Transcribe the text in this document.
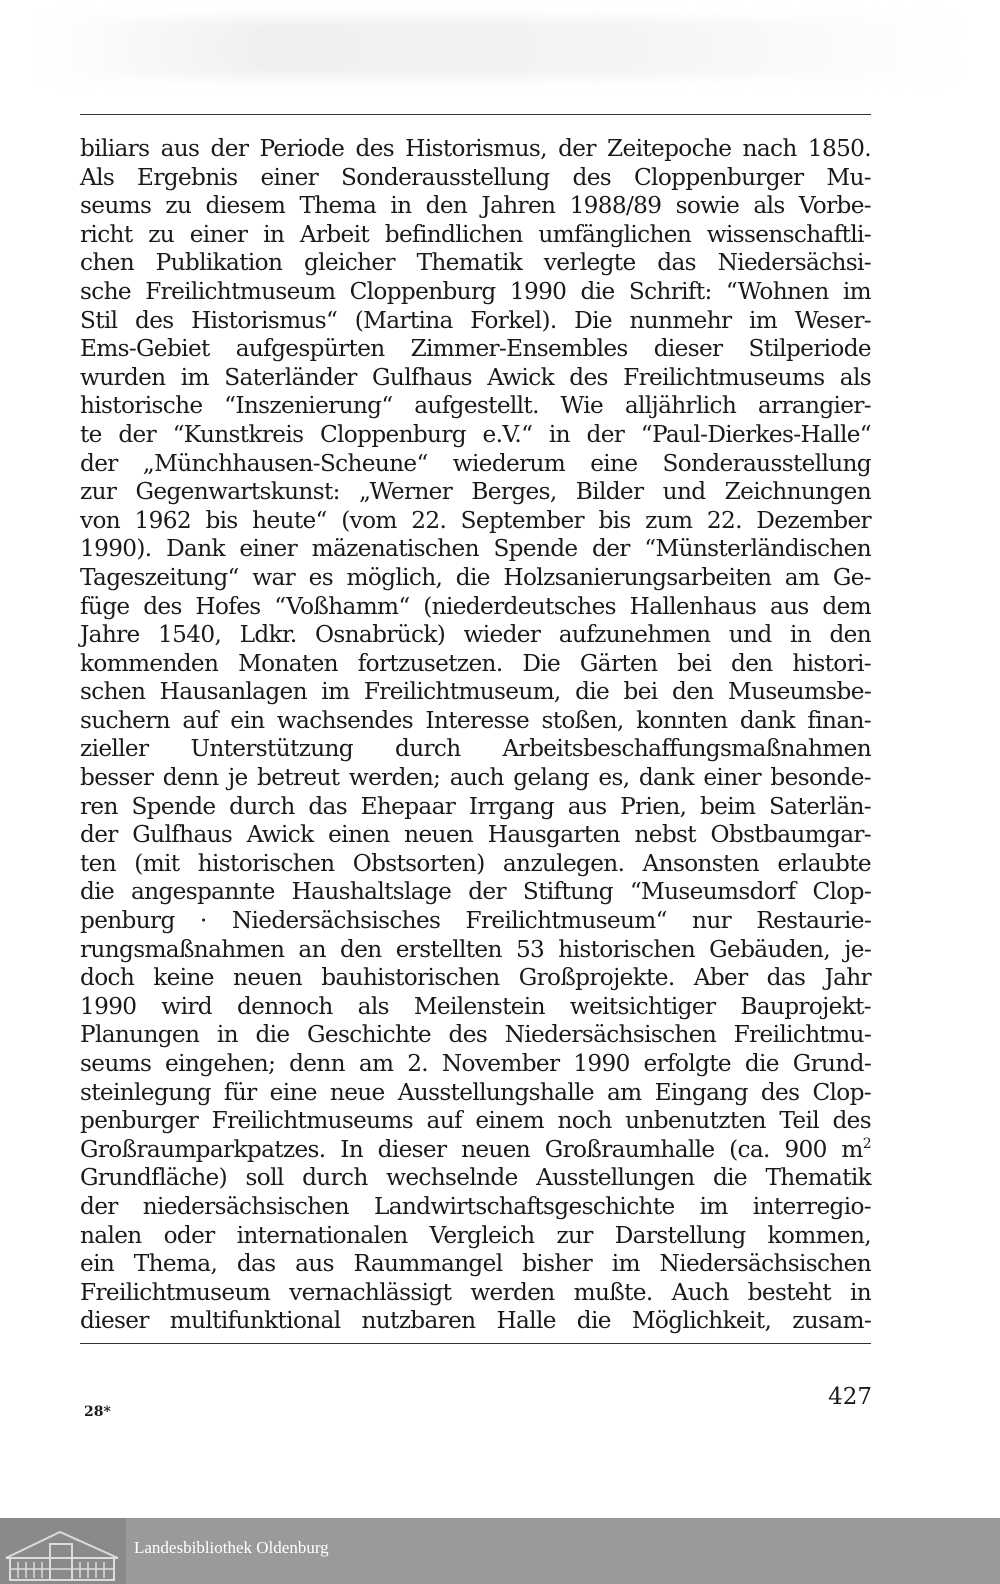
biliars aus der Periode des Historismus, der Zeitepoche nach 1850.
Als Ergebnis einer Sonderausstellung des Cloppenburger Mu-
seums zu diesem Thema in den Jahren 1988/89 sowie als Vorbe-
richt zu einer in Arbeit befindlichen umfänglichen wissenschaftli-
chen Publikation gleicher Thematik verlegte das Niedersächsi-
sche Freilichtmuseum Cloppenburg 1990 die Schrift: “Wohnen im
Stil des Historismus“ (Martina Forkel). Die nunmehr im Weser-
Ems-Gebiet aufgespürten Zimmer-Ensembles dieser Stilperiode
wurden im Saterländer Gulfhaus Awick des Freilichtmuseums als
historische “Inszenierung“ aufgestellt. Wie alljährlich arrangier-
te der “Kunstkreis Cloppenburg e.V.“ in der “Paul-Dierkes-Halle“
der „Münchhausen-Scheune“ wiederum eine Sonderausstellung
zur Gegenwartskunst: „Werner Berges, Bilder und Zeichnungen
von 1962 bis heute“ (vom 22. September bis zum 22. Dezember
1990). Dank einer mäzenatischen Spende der “Münsterländischen
Tageszeitung“ war es möglich, die Holzsanierungsarbeiten am Ge-
füge des Hofes “Voßhamm“ (niederdeutsches Hallenhaus aus dem
Jahre 1540, Ldkr. Osnabrück) wieder aufzunehmen und in den
kommenden Monaten fortzusetzen. Die Gärten bei den histori-
schen Hausanlagen im Freilichtmuseum, die bei den Museumsbe-
suchern auf ein wachsendes Interesse stoßen, konnten dank finan-
zieller Unterstützung durch Arbeitsbeschaffungsmaßnahmen
besser denn je betreut werden; auch gelang es, dank einer besonde-
ren Spende durch das Ehepaar Irrgang aus Prien, beim Saterlän-
der Gulfhaus Awick einen neuen Hausgarten nebst Obstbaumgar-
ten (mit historischen Obstsorten) anzulegen. Ansonsten erlaubte
die angespannte Haushaltslage der Stiftung “Museumsdorf Clop-
penburg · Niedersächsisches Freilichtmuseum“ nur Restaurie-
rungsmaßnahmen an den erstellten 53 historischen Gebäuden, je-
doch keine neuen bauhistorischen Großprojekte. Aber das Jahr
1990 wird dennoch als Meilenstein weitsichtiger Bauprojekt-
Planungen in die Geschichte des Niedersächsischen Freilichtmu-
seums eingehen; denn am 2. November 1990 erfolgte die Grund-
steinlegung für eine neue Ausstellungshalle am Eingang des Clop-
penburger Freilichtmuseums auf einem noch unbenutzten Teil des
Großraumparkpatzes. In dieser neuen Großraumhalle (ca. 900 $m^2$
Grundfläche) soll durch wechselnde Ausstellungen die Thematik
der niedersächsischen Landwirtschaftsgeschichte im interregio-
nalen oder internationalen Vergleich zur Darstellung kommen,
ein Thema, das aus Raummangel bisher im Niedersächsischen
Freilichtmuseum vernachlässigt werden mußte. Auch besteht in
dieser multifunktional nutzbaren Halle die Möglichkeit, zusam-
28*
427
Landesbibliothek Oldenburg
